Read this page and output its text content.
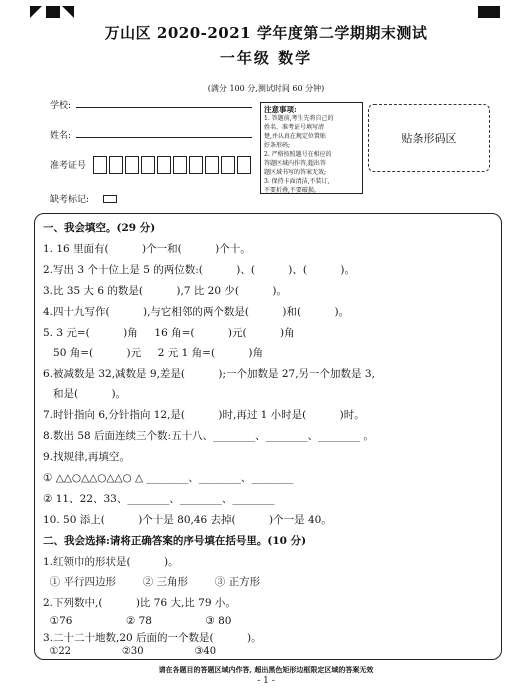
万山区 2020-2021 学年度第二学期期末测试
一年级 数学
(满分 100 分,测试时间 60 分钟)
学校:
姓名:
准考证号
缺考标记:
注意事项:
1. 答题前,考生先将自己的
姓名、准考证号填写清
楚,并认真在规定位置贴
好条形码;
2. 严格按照题号在相应的
答题区域内作答,超出答
题区域书写的答案无效;
3. 保持卡面清洁,不装订,
不要折叠,不要破损。
贴条形码区
一、我会填空。(29 分)
1. 16 里面有(          )个一和(          )个十。
2.写出 3 个十位上是 5 的两位数:(          )、(          )、(          )。
3.比 35 大 6 的数是(          ),7 比 20 少(          )。
4.四十九写作(          ),与它相邻的两个数是(          )和(          )。
5. 3 元=(          )角     16 角=(          )元(          )角
50 角=(          )元     2 元 1 角=(          )角
6.被减数是 32,减数是 9,差是(          );一个加数是 27,另一个加数是 3,
和是(          )。
7.时针指向 6,分针指向 12,是(          )时,再过 1 小时是(          )时。
8.数出 58 后面连续三个数:五十八、________、________、________ 。
9.找规律,再填空。
① △△○△△○△△○ △ ________、________、________
② 11、22、33、________、________、________
10. 50 添上(          )个十是 80,46 去掉(          )个一是 40。
二、我会选择:请将正确答案的序号填在括号里。(10 分)
1.红领巾的形状是(          )。
① 平行四边形        ② 三角形        ③ 正方形
2.下列数中,(          )比 76 大,比 79 小。
①76                ② 78                ③ 80
3.二十二十地数,20 后面的一个数是(          )。
请在各题目的答题区域内作答, 超出黑色矩形边框限定区域的答案无效
- 1 -
①22                ②30                ③40
